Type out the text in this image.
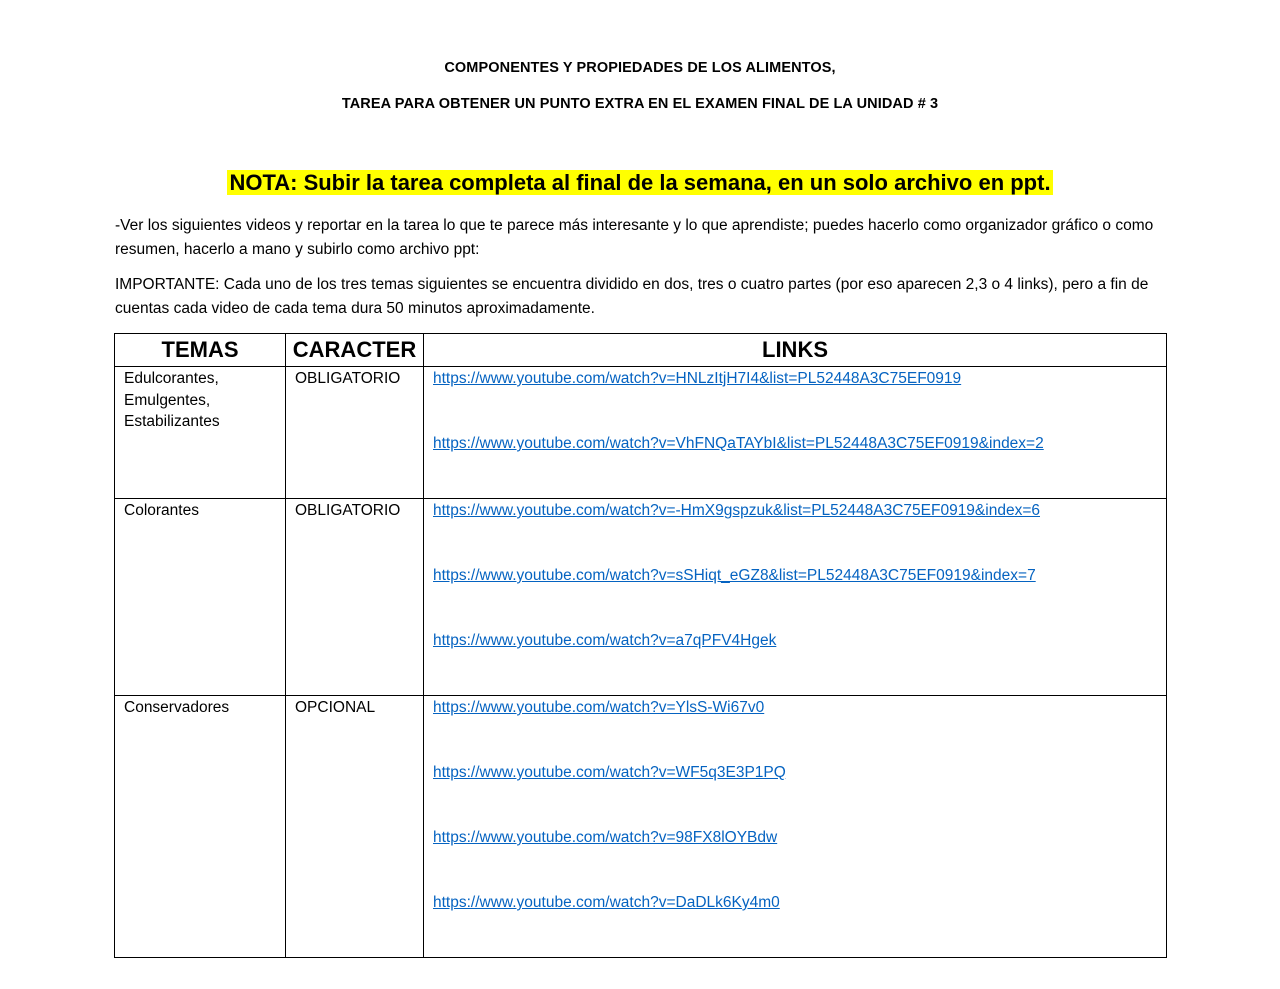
COMPONENTES Y PROPIEDADES DE LOS ALIMENTOS,
TAREA PARA OBTENER UN PUNTO EXTRA EN EL EXAMEN FINAL DE LA UNIDAD # 3
NOTA: Subir la tarea completa al final de la semana, en un solo archivo en ppt.

-Ver los siguientes videos y reportar en la tarea lo que te parece más interesante y lo que aprendiste; puedes hacerlo como organizador gráfico o como resumen, hacerlo a mano y subirlo como archivo ppt:

IMPORTANTE: Cada uno de los tres temas siguientes se encuentra dividido en dos, tres o cuatro partes (por eso aparecen 2,3 o 4 links), pero a fin de cuentas cada video de cada tema dura 50 minutos aproximadamente.

TEMAS	CARACTER	LINKS

Edulcorantes, Emulgentes, Estabilizantes	OBLIGATORIO	https://www.youtube.com/watch?v=HNLzItjH7I4&list=PL52448A3C75EF0919
https://www.youtube.com/watch?v=VhFNQaTAYbI&list=PL52448A3C75EF0919&index=2

Colorantes	OBLIGATORIO	https://www.youtube.com/watch?v=-HmX9gspzuk&list=PL52448A3C75EF0919&index=6
https://www.youtube.com/watch?v=sSHiqt_eGZ8&list=PL52448A3C75EF0919&index=7
https://www.youtube.com/watch?v=a7qPFV4Hgek

Conservadores	OPCIONAL	https://www.youtube.com/watch?v=YlsS-Wi67v0
https://www.youtube.com/watch?v=WF5q3E3P1PQ
https://www.youtube.com/watch?v=98FX8lOYBdw
https://www.youtube.com/watch?v=DaDLk6Ky4m0
